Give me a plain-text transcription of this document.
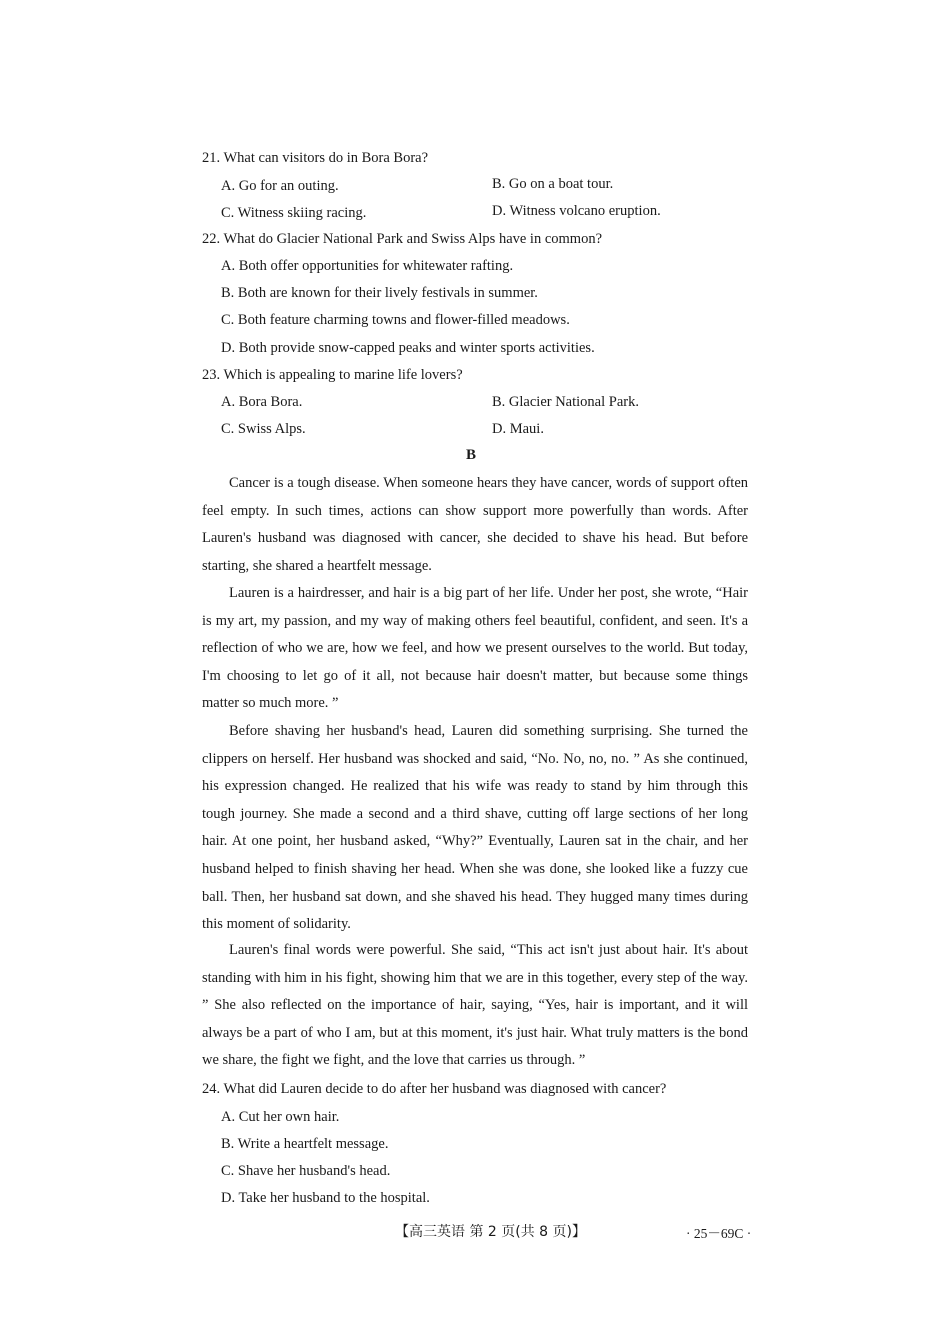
21. What can visitors do in Bora Bora?
A. Go for an outing.	B. Go on a boat tour.
C. Witness skiing racing.	D. Witness volcano eruption.
22. What do Glacier National Park and Swiss Alps have in common?
A. Both offer opportunities for whitewater rafting.
B. Both are known for their lively festivals in summer.
C. Both feature charming towns and flower-filled meadows.
D. Both provide snow-capped peaks and winter sports activities.
23. Which is appealing to marine life lovers?
A. Bora Bora.	B. Glacier National Park.
C. Swiss Alps.	D. Maui.
B
Cancer is a tough disease. When someone hears they have cancer, words of support often feel empty. In such times, actions can show support more powerfully than words. After Lauren's husband was diagnosed with cancer, she decided to shave his head. But before starting, she shared a heartfelt message.
Lauren is a hairdresser, and hair is a big part of her life. Under her post, she wrote, “Hair is my art, my passion, and my way of making others feel beautiful, confident, and seen. It's a reflection of who we are, how we feel, and how we present ourselves to the world. But today, I'm choosing to let go of it all, not because hair doesn't matter, but because some things matter so much more. ”
Before shaving her husband's head, Lauren did something surprising. She turned the clippers on herself. Her husband was shocked and said, “No. No, no, no. ” As she continued, his expression changed. He realized that his wife was ready to stand by him through this tough journey. She made a second and a third shave, cutting off large sections of her long hair. At one point, her husband asked, “Why?” Eventually, Lauren sat in the chair, and her husband helped to finish shaving her head. When she was done, she looked like a fuzzy cue ball. Then, her husband sat down, and she shaved his head. They hugged many times during this moment of solidarity.
Lauren's final words were powerful. She said, “This act isn't just about hair. It's about standing with him in his fight, showing him that we are in this together, every step of the way. ” She also reflected on the importance of hair, saying, “Yes, hair is important, and it will always be a part of who I am, but at this moment, it's just hair. What truly matters is the bond we share, the fight we fight, and the love that carries us through. ”
24. What did Lauren decide to do after her husband was diagnosed with cancer?
A. Cut her own hair.
B. Write a heartfelt message.
C. Shave her husband's head.
D. Take her husband to the hospital.
【高三英语 第 2 页(共 8 页)】	· 25－69C ·
